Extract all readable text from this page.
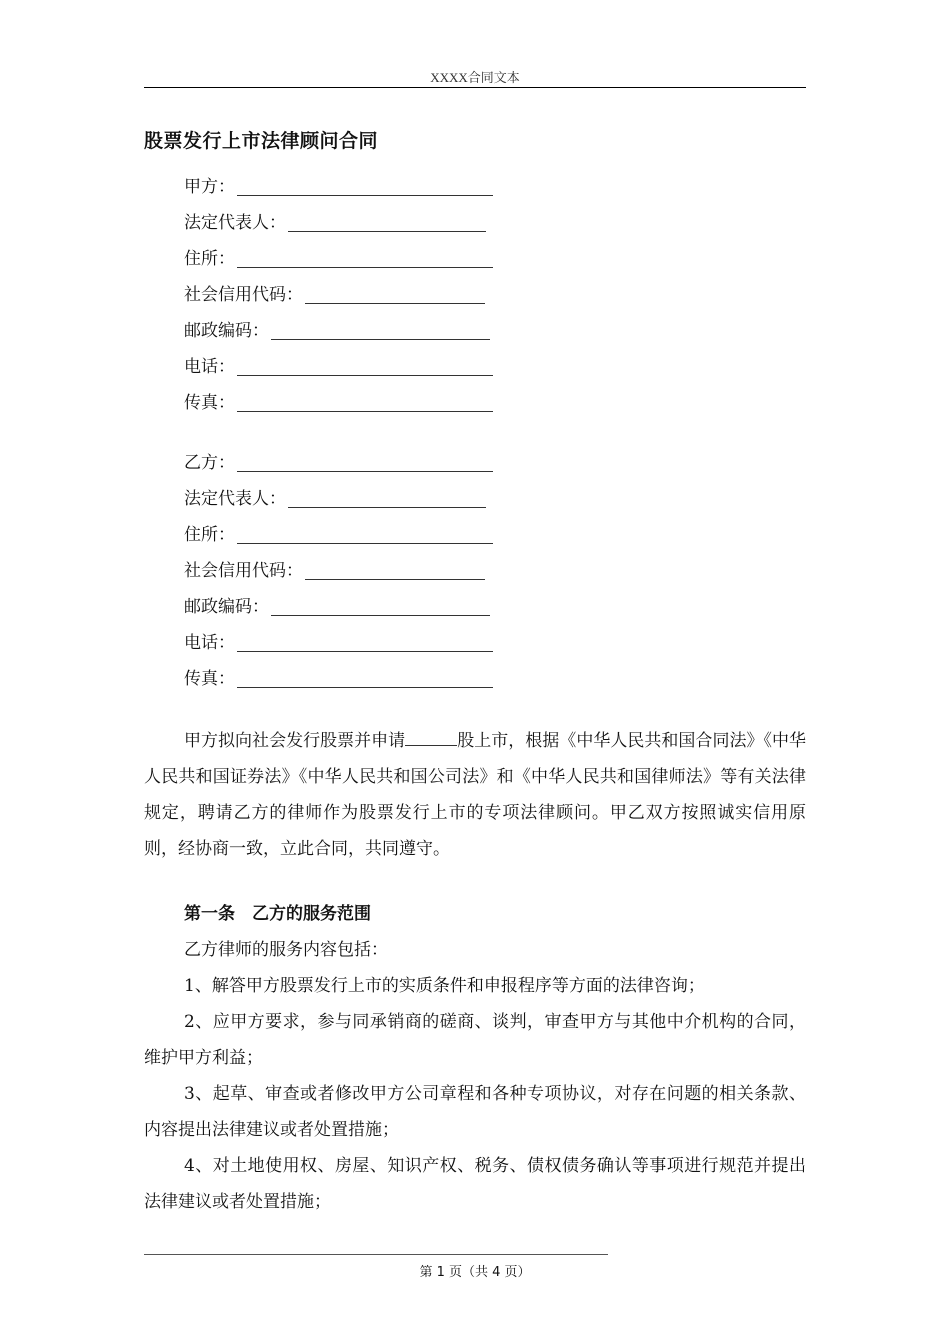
XXXX合同文本
股票发行上市法律顾问合同
甲方：
法定代表人：
住所：
社会信用代码：
邮政编码：
电话：
传真：
乙方：
法定代表人：
住所：
社会信用代码：
邮政编码：
电话：
传真：

甲方拟向社会发行股票并申请	股上市，根据《中华人民共和国合同法》《中华人民共和国证券法》《中华人民共和国公司法》和《中华人民共和国律师法》等有关法律规定，聘请乙方的律师作为股票发行上市的专项法律顾问。甲乙双方按照诚实信用原则，经协商一致，立此合同，共同遵守。

第一条　乙方的服务范围

乙方律师的服务内容包括：

1、解答甲方股票发行上市的实质条件和申报程序等方面的法律咨询；

2、应甲方要求，参与同承销商的磋商、谈判，审查甲方与其他中介机构的合同，维护甲方利益；

3、起草、审查或者修改甲方公司章程和各种专项协议，对存在问题的相关条款、内容提出法律建议或者处置措施；

4、对土地使用权、房屋、知识产权、税务、债权债务确认等事项进行规范并提出法律建议或者处置措施；

第 1 页（共 4 页）
